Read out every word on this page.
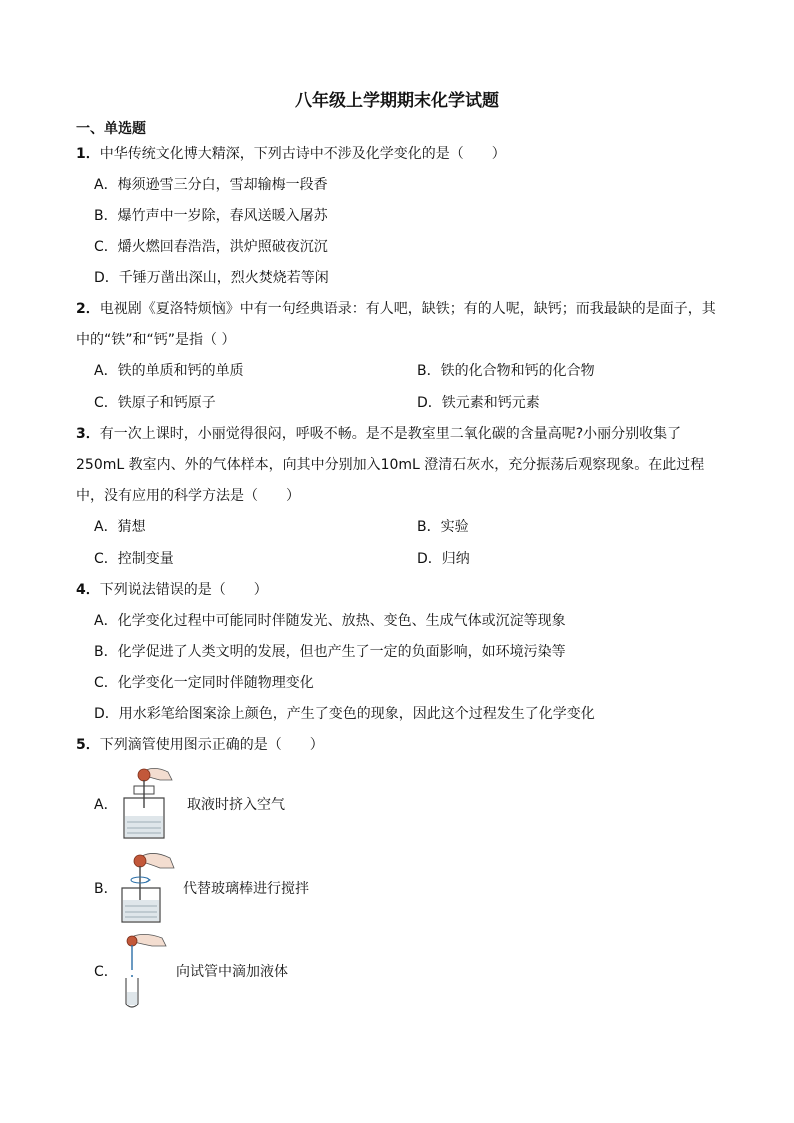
八年级上学期期末化学试题
一、单选题
1．中华传统文化博大精深，下列古诗中不涉及化学变化的是（　　）
A．梅须逊雪三分白，雪却输梅一段香
B．爆竹声中一岁除，春风送暖入屠苏
C．爝火燃回春浩浩，洪炉照破夜沉沉
D．千锤万凿出深山，烈火焚烧若等闲
2．电视剧《夏洛特烦恼》中有一句经典语录：有人吧，缺铁；有的人呢，缺钙；而我最缺的是面子，其
中的“铁”和“钙”是指（ ）
A．铁的单质和钙的单质	B．铁的化合物和钙的化合物
C．铁原子和钙原子	D．铁元素和钙元素
3．有一次上课时，小丽觉得很闷，呼吸不畅。是不是教室里二氧化碳的含量高呢?小丽分别收集了
250mL 教室内、外的气体样本，向其中分别加入10mL 澄清石灰水，充分振荡后观察现象。在此过程
中，没有应用的科学方法是（　　）
A．猜想	B．实验
C．控制变量	D．归纳
4．下列说法错误的是（　　）
A．化学变化过程中可能同时伴随发光、放热、变色、生成气体或沉淀等现象
B．化学促进了人类文明的发展，但也产生了一定的负面影响，如环境污染等
C．化学变化一定同时伴随物理变化
D．用水彩笔给图案涂上颜色，产生了变色的现象，因此这个过程发生了化学变化
5．下列滴管使用图示正确的是（　　）
A．	取液时挤入空气
B．	代替玻璃棒进行搅拌
C．	向试管中滴加液体
